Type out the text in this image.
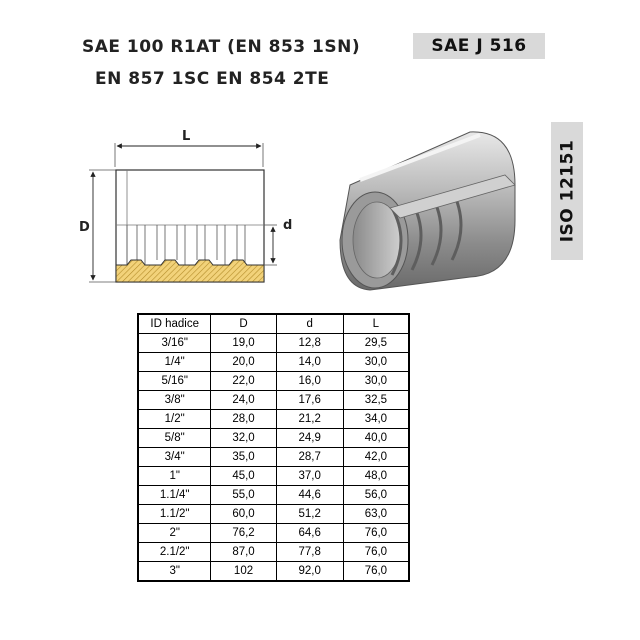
SAE 100 R1AT (EN 853 1SN)
EN 857 1SC EN 854 2TE
SAE J 516
ISO 12151
L
D	d
ID hadice	D	d	L
3/16"	19,0	12,8	29,5
1/4"	20,0	14,0	30,0
5/16"	22,0	16,0	30,0
3/8"	24,0	17,6	32,5
1/2"	28,0	21,2	34,0
5/8"	32,0	24,9	40,0
3/4"	35,0	28,7	42,0
1"	45,0	37,0	48,0
1.1/4"	55,0	44,6	56,0
1.1/2"	60,0	51,2	63,0
2"	76,2	64,6	76,0
2.1/2"	87,0	77,8	76,0
3"	102	92,0	76,0
